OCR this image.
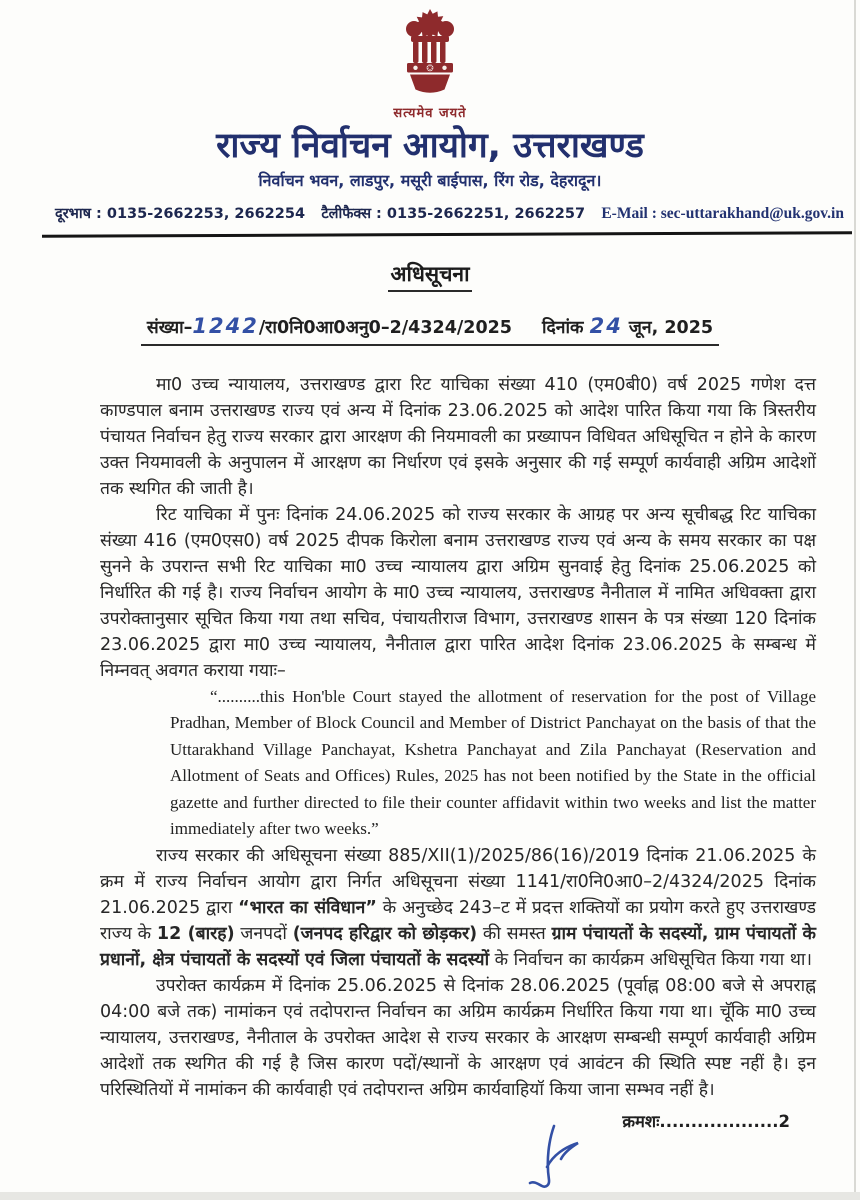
सत्यमेव जयते
राज्य निर्वाचन आयोग, उत्तराखण्ड
निर्वाचन भवन, लाडपुर, मसूरी बाईपास, रिंग रोड, देहरादून।
दूरभाष : 0135-2662253, 2662254 टैलीफैक्स : 0135-2662251, 2662257 E-Mail : sec-uttarakhand@uk.gov.in
अधिसूचना
संख्या–1242/रा0नि0आ0अनु0–2/4324/2025 दिनांक 24 जून, 2025

मा0 उच्च न्यायालय, उत्तराखण्ड द्वारा रिट याचिका संख्या 410 (एम0बी0) वर्ष 2025 गणेश दत्त काण्डपाल बनाम उत्तराखण्ड राज्य एवं अन्य में दिनांक 23.06.2025 को आदेश पारित किया गया कि त्रिस्तरीय पंचायत निर्वाचन हेतु राज्य सरकार द्वारा आरक्षण की नियमावली का प्रख्यापन विधिवत अधिसूचित न होने के कारण उक्त नियमावली के अनुपालन में आरक्षण का निर्धारण एवं इसके अनुसार की गई सम्पूर्ण कार्यवाही अग्रिम आदेशों तक स्थगित की जाती है।

रिट याचिका में पुनः दिनांक 24.06.2025 को राज्य सरकार के आग्रह पर अन्य सूचीबद्ध रिट याचिका संख्या 416 (एम0एस0) वर्ष 2025 दीपक किरोला बनाम उत्तराखण्ड राज्य एवं अन्य के समय सरकार का पक्ष सुनने के उपरान्त सभी रिट याचिका मा0 उच्च न्यायालय द्वारा अग्रिम सुनवाई हेतु दिनांक 25.06.2025 को निर्धारित की गई है। राज्य निर्वाचन आयोग के मा0 उच्च न्यायालय, उत्तराखण्ड नैनीताल में नामित अधिवक्ता द्वारा उपरोक्तानुसार सूचित किया गया तथा सचिव, पंचायतीराज विभाग, उत्तराखण्ड शासन के पत्र संख्या 120 दिनांक 23.06.2025 द्वारा मा0 उच्च न्यायालय, नैनीताल द्वारा पारित आदेश दिनांक 23.06.2025 के सम्बन्ध में निम्नवत् अवगत कराया गयाः–

“..........this Hon'ble Court stayed the allotment of reservation for the post of Village Pradhan, Member of Block Council and Member of District Panchayat on the basis of that the Uttarakhand Village Panchayat, Kshetra Panchayat and Zila Panchayat (Reservation and Allotment of Seats and Offices) Rules, 2025 has not been notified by the State in the official gazette and further directed to file their counter affidavit within two weeks and list the matter immediately after two weeks.”

राज्य सरकार की अधिसूचना संख्या 885/XII(1)/2025/86(16)/2019 दिनांक 21.06.2025 के क्रम में राज्य निर्वाचन आयोग द्वारा निर्गत अधिसूचना संख्या 1141/रा0नि0आ0–2/4324/2025 दिनांक 21.06.2025 द्वारा “भारत का संविधान” के अनुच्छेद 243–ट में प्रदत्त शक्तियों का प्रयोग करते हुए उत्तराखण्ड राज्य के 12 (बारह) जनपदों (जनपद हरिद्वार को छोड़कर) की समस्त ग्राम पंचायतों के सदस्यों, ग्राम पंचायतों के प्रधानों, क्षेत्र पंचायतों के सदस्यों एवं जिला पंचायतों के सदस्यों के निर्वाचन का कार्यक्रम अधिसूचित किया गया था।

उपरोक्त कार्यक्रम में दिनांक 25.06.2025 से दिनांक 28.06.2025 (पूर्वाह्न 08:00 बजे से अपराह्न 04:00 बजे तक) नामांकन एवं तदोपरान्त निर्वाचन का अग्रिम कार्यक्रम निर्धारित किया गया था। चूॅकि मा0 उच्च न्यायालय, उत्तराखण्ड, नैनीताल के उपरोक्त आदेश से राज्य सरकार के आरक्षण सम्बन्धी सम्पूर्ण कार्यवाही अग्रिम आदेशों तक स्थगित की गई है जिस कारण पदों/स्थानों के आरक्षण एवं आवंटन की स्थिति स्पष्ट नहीं है। इन परिस्थितियों में नामांकन की कार्यवाही एवं तदोपरान्त अग्रिम कार्यवाहियॉ किया जाना सम्भव नहीं है।

क्रमशः...................2
